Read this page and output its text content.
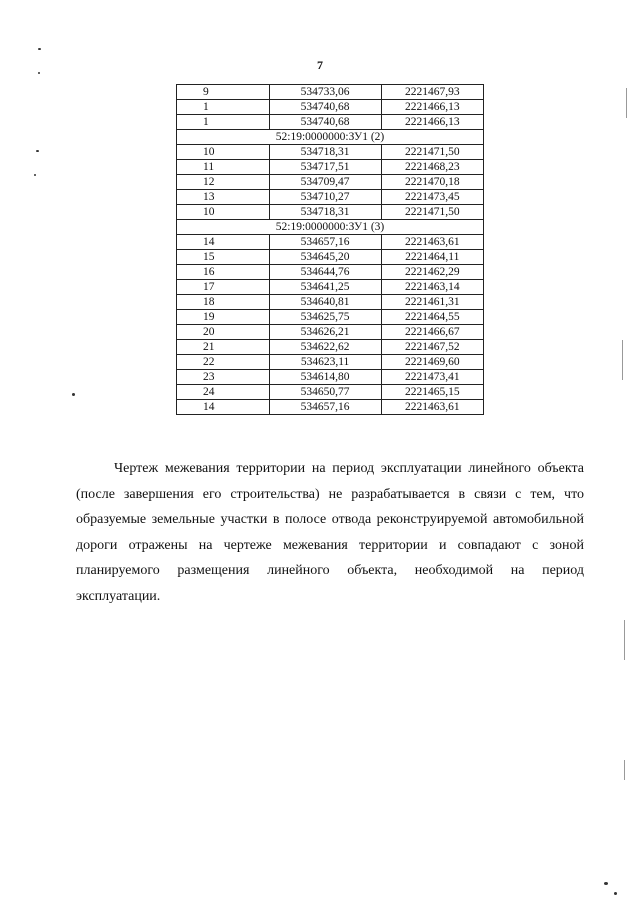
7
9	534733,06	2221467,93
1	534740,68	2221466,13
1	534740,68	2221466,13
52:19:0000000:ЗУ1 (2)		
10	534718,31	2221471,50
11	534717,51	2221468,23
12	534709,47	2221470,18
13	534710,27	2221473,45
10	534718,31	2221471,50
52:19:0000000:ЗУ1 (3)		
14	534657,16	2221463,61
15	534645,20	2221464,11
16	534644,76	2221462,29
17	534641,25	2221463,14
18	534640,81	2221461,31
19	534625,75	2221464,55
20	534626,21	2221466,67
21	534622,62	2221467,52
22	534623,11	2221469,60
23	534614,80	2221473,41
24	534650,77	2221465,15
14	534657,16	2221463,61

Чертеж межевания территории на период эксплуатации линейного объекта (после завершения его строительства) не разрабатывается в связи с тем, что образуемые земельные участки в полосе отвода реконструируемой автомобильной дороги отражены на чертеже межевания территории и совпадают с зоной планируемого размещения линейного объекта, необходимой на период эксплуатации.
